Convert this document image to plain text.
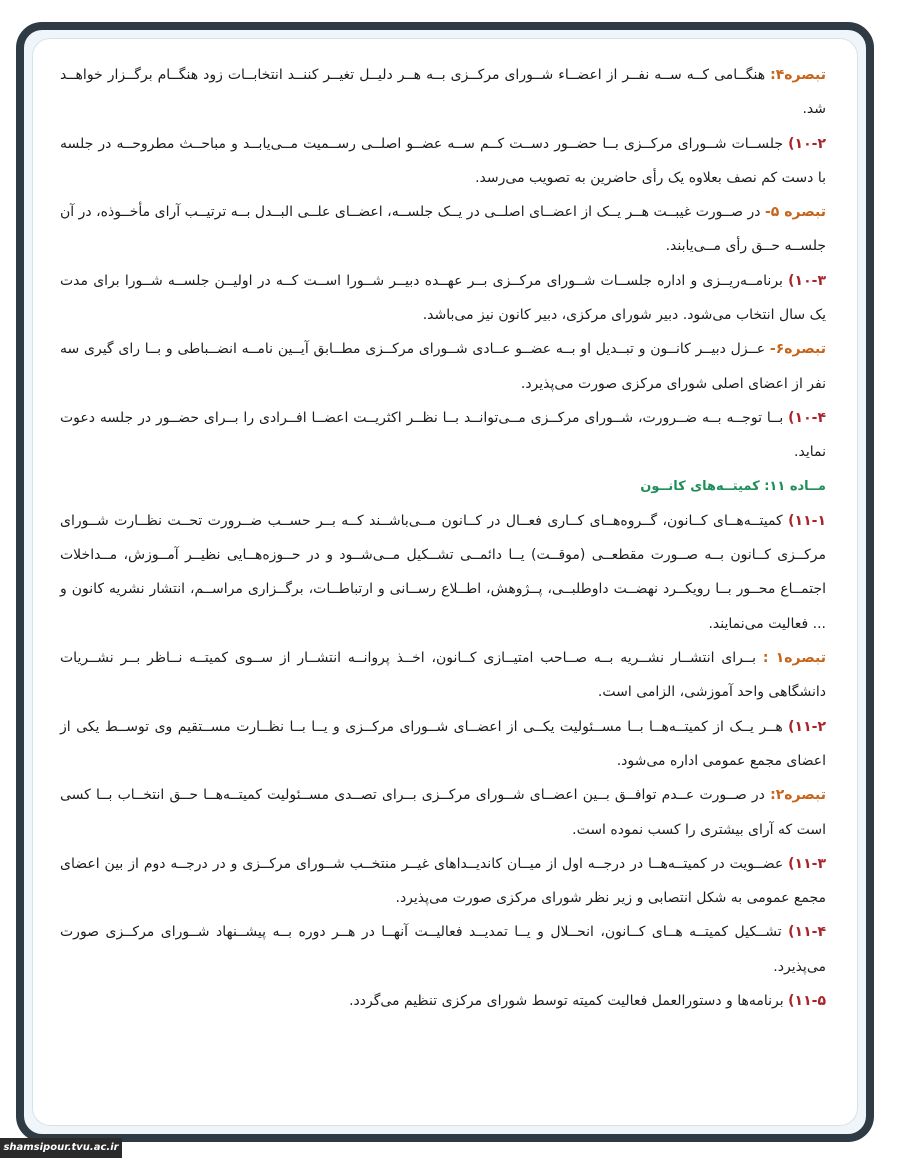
تبصره۴: هنگــامی کــه ســه نفــر از اعضــاء شــورای مرکــزی بــه هــر دلیــل تغیــر کننــد انتخابــات زود هنگــام برگــزار خواهــد شد.

۱۰-۲) جلســات شــورای مرکــزی بــا حضــور دســت کــم ســه عضــو اصلــی رســمیت مــی‌یابــد و مباحــث مطروحــه در جلسه با دست کم نصف بعلاوه یک رأی حاضرین به تصویب می‌رسد.

تبصره ۵- در صــورت غیبــت هــر یــک از اعضــای اصلــی در یــک جلســه، اعضــای علــی البــدل بــه ترتیــب آرای مأخــوذه، در آن جلســه حــق رأی مــی‌یابند.

۱۰-۳) برنامــه‌ریــزی و اداره جلســات شــورای مرکــزی بــر عهــده دبیــر شــورا اســت کــه در اولیــن جلســه شــورا برای مدت یک سال انتخاب می‌شود. دبیر شورای مرکزی، دبیر کانون نیز می‌باشد.

تبصره۶- عــزل دبیــر کانــون و تبــدیل او بــه عضــو عــادی شــورای مرکــزی مطــابق آیــین نامــه انضــباطی و بــا رای گیری سه نفر از اعضای اصلی شورای مرکزی صورت می‌پذیرد.

۱۰-۴) بــا توجــه بــه ضــرورت، شــورای مرکــزی مــی‌توانــد بــا نظــر اکثریــت اعضــا افــرادی را بــرای حضــور در جلسه دعوت نماید.

مــاده ۱۱: کمیتــه‌های کانــون

۱۱-۱) کمیتــه‌هــای کــانون، گــروه‌هــای کــاری فعــال در کــانون مــی‌باشــند کــه بــر حســب ضــرورت تحــت نظــارت شــورای مرکــزی کــانون بــه صــورت مقطعــی (موقــت) یــا دائمــی تشــکیل مــی‌شــود و در حــوزه‌هــایی نظیــر آمــوزش، مــداخلات اجتمــاع محــور بــا رویکــرد نهضــت داوطلبــی، پــژوهش، اطــلاع رســانی و ارتباطــات، برگــزاری مراســم، انتشار نشریه کانون و ... فعالیت می‌نمایند.

تبصره۱ : بــرای انتشــار نشــریه بــه صــاحب امتیــازی کــانون، اخــذ پروانــه انتشــار از ســوی کمیتــه نــاظر بــر نشــریات دانشگاهی واحد آموزشی، الزامی است.

۱۱-۲) هــر یــک از کمیتــه‌هــا بــا مســئولیت یکــی از اعضــای شــورای مرکــزی و یــا بــا نظــارت مســتقیم وی توســط یکی از اعضای مجمع عمومی اداره می‌شود.

تبصره۲: در صــورت عــدم توافــق بــین اعضــای شــورای مرکــزی بــرای تصــدی مســئولیت کمیتــه‌هــا حــق انتخــاب بــا کسی است که آرای بیشتری را کسب نموده است.

۱۱-۳) عضــویت در کمیتــه‌هــا در درجــه اول از میــان کاندیــداهای غیــر منتخــب شــورای مرکــزی و در درجــه دوم از بین اعضای مجمع عمومی به شکل انتصابی و زیر نظر شورای مرکزی صورت می‌پذیرد.

۱۱-۴) تشــکیل کمیتــه هــای کــانون، انحــلال و یــا تمدیــد فعالیــت آنهــا در هــر دوره بــه پیشــنهاد شــورای مرکــزی صورت می‌پذیرد.

۱۱-۵) برنامه‌ها و دستورالعمل فعالیت کمیته توسط شورای مرکزی تنظیم می‌گردد.

shamsipour.tvu.ac.ir
